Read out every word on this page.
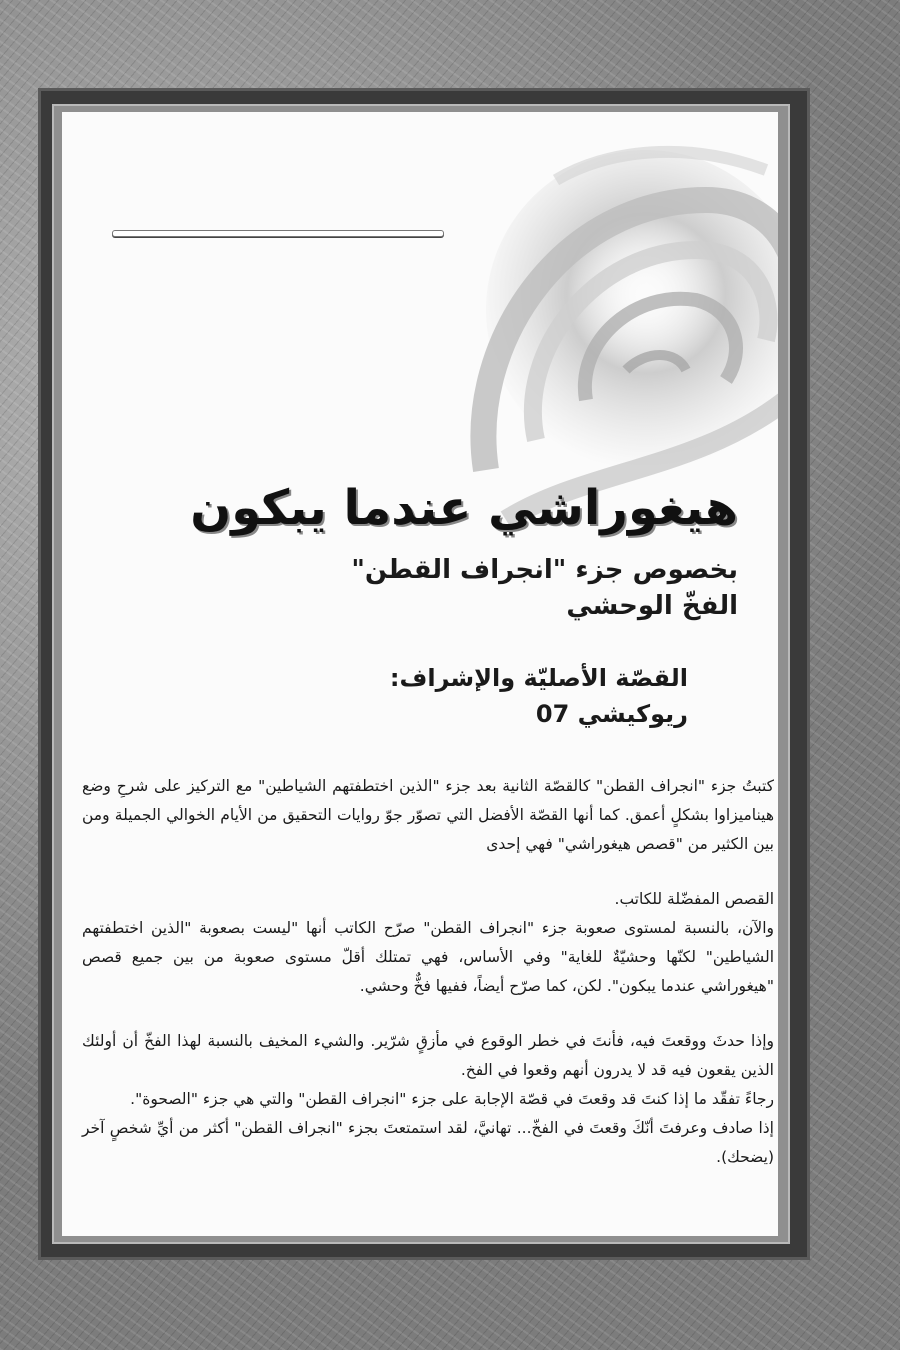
هيغوراشي عندما يبكون
بخصوص جزء "انجراف القطن"
الفخّ الوحشي
القصّة الأصليّة والإشراف:
ريوكيشي 07

كتبتُ جزء "انجراف القطن" كالقصّة الثانية بعد جزء "الذين اختطفتهم الشياطين" مع التركيز على شرحِ وضع هيناميزاوا بشكلٍ أعمق. كما أنها القصّة الأفضل التي تصوّر جوّ روايات التحقيق من الأيام الخوالي الجميلة ومن بين الكثير من "قصص هيغوراشي" فهي إحدى

القصص المفضّلة للكاتب.

والآن، بالنسبة لمستوى صعوبة جزء "انجراف القطن" صرّح الكاتب أنها "ليست بصعوبة "الذين اختطفتهم الشياطين" لكنّها وحشيّةٌ للغاية" وفي الأساس، فهي تمتلك أقلّ مستوى صعوبة من بين جميع قصص "هيغوراشي عندما يبكون". لكن، كما صرّح أيضاً، ففيها فخٌّ وحشي.

وإذا حدثَ ووقعتَ فيه، فأنتَ في خطر الوقوع في مأزقٍ شرّير. والشيء المخيف بالنسبة لهذا الفخّ أن أولئك الذين يقعون فيه قد لا يدرون أنهم وقعوا في الفخ.

رجاءً تفقّد ما إذا كنتَ قد وقعتَ في قصّة الإجابة على جزء "انجراف القطن" والتي هي جزء "الصحوة".

إذا صادف وعرفتَ أنّكَ وقعتَ في الفخّ... تهانيَّ، لقد استمتعتَ بجزء "انجراف القطن" أكثر من أيِّ شخصٍ آخر (يضحك).
